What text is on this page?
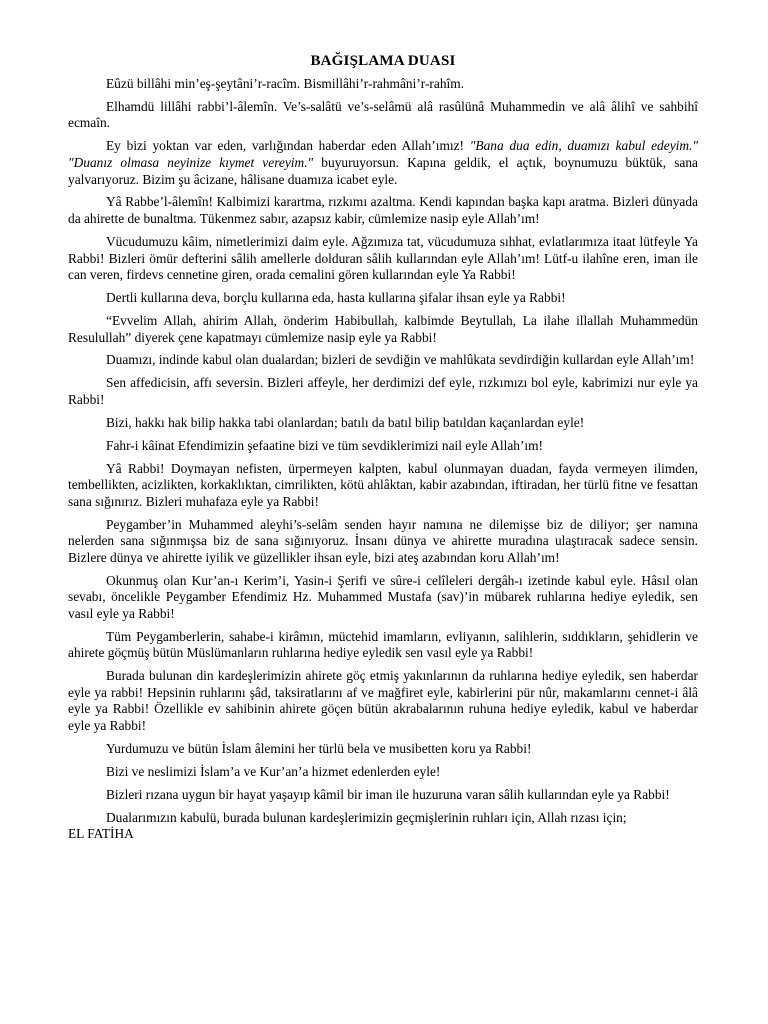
BAĞIŞLAMA DUASI

Eûzü billâhi min’eş-şeytâni’r-racîm. Bismillâhi’r-rahmâni’r-rahîm.

Elhamdü lillâhi rabbi’l-âlemîn. Ve’s-salâtü ve’s-selâmü alâ rasûlünâ Muhammedin ve alâ âlihî ve sahbihî ecmaîn.

Ey bizi yoktan var eden, varlığından haberdar eden Allah’ımız! "Bana dua edin, duamızı kabul edeyim." "Duanız olmasa neyinize kıymet vereyim." buyuruyorsun. Kapına geldik, el açtık, boynumuzu büktük, sana yalvarıyoruz. Bizim şu âcizane, hâlisane duamıza icabet eyle.

Yâ Rabbe’l-âlemîn! Kalbimizi karartma, rızkımı azaltma. Kendi kapından başka kapı aratma. Bizleri dünyada da ahirette de bunaltma. Tükenmez sabır, azapsız kabir, cümlemize nasip eyle Allah’ım!

Vücudumuzu kâim, nimetlerimizi daim eyle. Ağzımıza tat, vücudumuza sıhhat, evlatlarımıza itaat lütfeyle Ya Rabbi! Bizleri ömür defterini sâlih amellerle dolduran sâlih kullarından eyle Allah’ım! Lütf-u ilahîne eren, iman ile can veren, firdevs cennetine giren, orada cemalini gören kullarından eyle Ya Rabbi!

Dertli kullarına deva, borçlu kullarına eda, hasta kullarına şifalar ihsan eyle ya Rabbi!

“Evvelim Allah, ahirim Allah, önderim Habibullah, kalbimde Beytullah, La ilahe illallah Muhammedün Resulullah” diyerek çene kapatmayı cümlemize nasip eyle ya Rabbi!

Duamızı, indinde kabul olan dualardan; bizleri de sevdiğin ve mahlûkata sevdirdiğin kullardan eyle Allah’ım!

Sen affedicisin, affı seversin. Bizleri affeyle, her derdimizi def eyle, rızkımızı bol eyle, kabrimizi nur eyle ya Rabbi!

Bizi, hakkı hak bilip hakka tabi olanlardan; batılı da batıl bilip batıldan kaçanlardan eyle!

Fahr-i kâinat Efendimizin şefaatine bizi ve tüm sevdiklerimizi nail eyle Allah’ım!

Yâ Rabbi! Doymayan nefisten, ürpermeyen kalpten, kabul olunmayan duadan, fayda vermeyen ilimden, tembellikten, acizlikten, korkaklıktan, cimrilikten, kötü ahlâktan, kabir azabından, iftiradan, her türlü fitne ve fesattan sana sığınırız. Bizleri muhafaza eyle ya Rabbi!

Peygamber’in Muhammed aleyhi’s-selâm senden hayır namına ne dilemişse biz de diliyor; şer namına nelerden sana sığınmışsa biz de sana sığınıyoruz. İnsanı dünya ve ahirette muradına ulaştıracak sadece sensin. Bizlere dünya ve ahirette iyilik ve güzellikler ihsan eyle, bizi ateş azabından koru Allah’ım!

Okunmuş olan Kur’an-ı Kerim’i, Yasin-i Şerifi ve sûre-i celîleleri dergâh-ı izetinde kabul eyle. Hâsıl olan sevabı, öncelikle Peygamber Efendimiz Hz. Muhammed Mustafa (sav)’in mübarek ruhlarına hediye eyledik, sen vasıl eyle ya Rabbi!

Tüm Peygamberlerin, sahabe-i kirâmın, müctehid imamların, evliyanın, salihlerin, sıddıkların, şehidlerin ve ahirete göçmüş bütün Müslümanların ruhlarına hediye eyledik sen vasıl eyle ya Rabbi!

Burada bulunan din kardeşlerimizin ahirete göç etmiş yakınlarının da ruhlarına hediye eyledik, sen haberdar eyle ya rabbi! Hepsinin ruhlarını şâd, taksiratlarını af ve mağfiret eyle, kabirlerini pür nûr, makamlarını cennet-i âlâ eyle ya Rabbi! Özellikle ev sahibinin ahirete göçen bütün akrabalarının ruhuna hediye eyledik, kabul ve haberdar eyle ya Rabbi!

Yurdumuzu ve bütün İslam âlemini her türlü bela ve musibetten koru ya Rabbi!

Bizi ve neslimizi İslam’a ve Kur’an’a hizmet edenlerden eyle!

Bizleri rızana uygun bir hayat yaşayıp kâmil bir iman ile huzuruna varan sâlih kullarından eyle ya Rabbi!

Dualarımızın kabulü, burada bulunan kardeşlerimizin geçmişlerinin ruhları için, Allah rızası için;

EL FATİHA
